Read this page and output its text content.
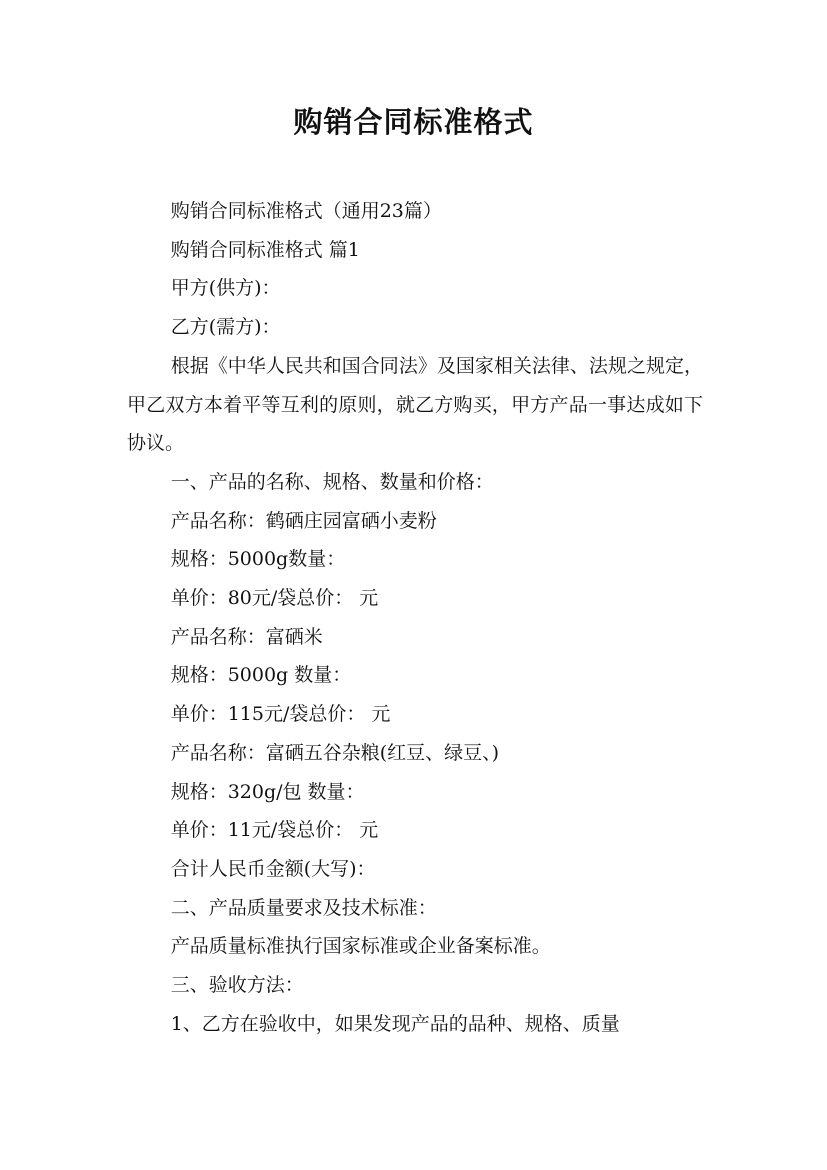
购销合同标准格式

购销合同标准格式（通用23篇）

购销合同标准格式 篇1

甲方(供方)：

乙方(需方)：

根据《中华人民共和国合同法》及国家相关法律、法规之规定，甲乙双方本着平等互利的原则，就乙方购买，甲方产品一事达成如下协议。

一、产品的名称、规格、数量和价格：

产品名称：鹤硒庄园富硒小麦粉

规格：5000g数量：

单价：80元/袋总价： 元

产品名称：富硒米

规格：5000g 数量：

单价：115元/袋总价： 元

产品名称：富硒五谷杂粮(红豆、绿豆、)

规格：320g/包 数量：

单价：11元/袋总价： 元

合计人民币金额(大写)：

二、产品质量要求及技术标准：

产品质量标准执行国家标准或企业备案标准。

三、验收方法：

1、乙方在验收中，如果发现产品的品种、规格、质量
